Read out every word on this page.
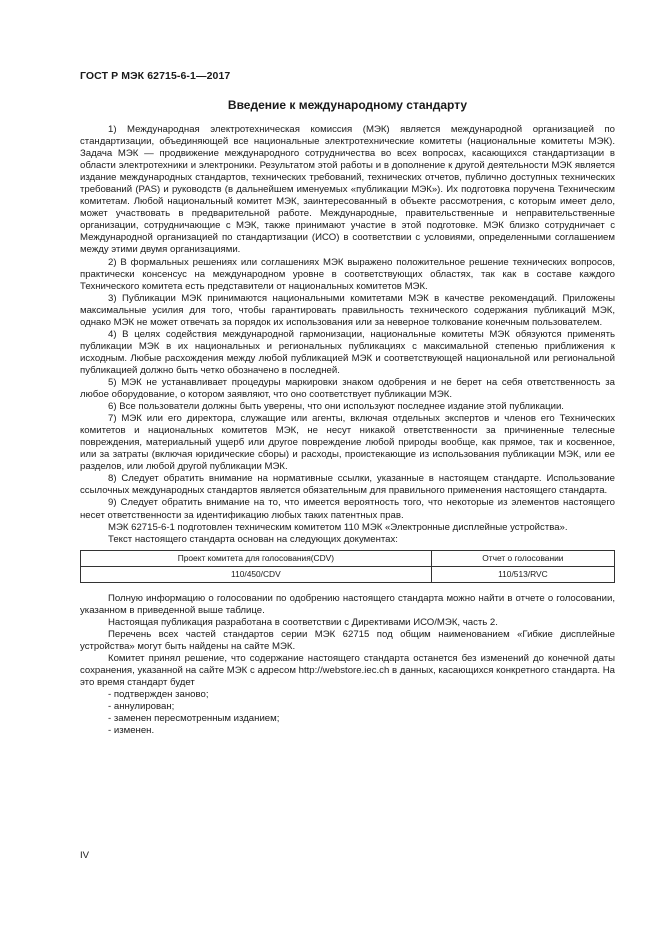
ГОСТ Р МЭК 62715-6-1—2017
Введение к международному стандарту

1) Международная электротехническая комиссия (МЭК) является международной организацией по стандартизации, объединяющей все национальные электротехнические комитеты (национальные комитеты МЭК). Задача МЭК — продвижение международного сотрудничества во всех вопросах, касающихся стандартизации в области электротехники и электроники. Результатом этой работы и в дополнение к другой деятельности МЭК является издание международных стандартов, технических требований, технических отчетов, публично доступных технических требований (PAS) и руководств (в дальнейшем именуемых «публикации МЭК»). Их подготовка поручена Техническим комитетам. Любой национальный комитет МЭК, заинтересованный в объекте рассмотрения, с которым имеет дело, может участвовать в предварительной работе. Международные, правительственные и неправительственные организации, сотрудничающие с МЭК, также принимают участие в этой подготовке. МЭК близко сотрудничает с Международной организацией по стандартизации (ИСО) в соответствии с условиями, определенными соглашением между этими двумя организациями.

2) В формальных решениях или соглашениях МЭК выражено положительное решение технических вопросов, практически консенсус на международном уровне в соответствующих областях, так как в составе каждого Технического комитета есть представители от национальных комитетов МЭК.

3) Публикации МЭК принимаются национальными комитетами МЭК в качестве рекомендаций. Приложены максимальные усилия для того, чтобы гарантировать правильность технического содержания публикаций МЭК, однако МЭК не может отвечать за порядок их использования или за неверное толкование конечным пользователем.

4) В целях содействия международной гармонизации, национальные комитеты МЭК обязуются применять публикации МЭК в их национальных и региональных публикациях с максимальной степенью приближения к исходным. Любые расхождения между любой публикацией МЭК и соответствующей национальной или региональной публикацией должно быть четко обозначено в последней.

5) МЭК не устанавливает процедуры маркировки знаком одобрения и не берет на себя ответственность за любое оборудование, о котором заявляют, что оно соответствует публикации МЭК.

6) Все пользователи должны быть уверены, что они используют последнее издание этой публикации.

7) МЭК или его директора, служащие или агенты, включая отдельных экспертов и членов его Технических комитетов и национальных комитетов МЭК, не несут никакой ответственности за причиненные телесные повреждения, материальный ущерб или другое повреждение любой природы вообще, как прямое, так и косвенное, или за затраты (включая юридические сборы) и расходы, проистекающие из использования публикации МЭК, или ее разделов, или любой другой публикации МЭК.

8) Следует обратить внимание на нормативные ссылки, указанные в настоящем стандарте. Использование ссылочных международных стандартов является обязательным для правильного применения настоящего стандарта.

9) Следует обратить внимание на то, что имеется вероятность того, что некоторые из элементов настоящего несет ответственности за идентификацию любых таких патентных прав.

МЭК 62715-6-1 подготовлен техническим комитетом 110 МЭК «Электронные дисплейные устройства».

Текст настоящего стандарта основан на следующих документах:

Проект комитета для голосования(CDV)	Отчет о голосовании
110/450/CDV	110/513/RVC

Полную информацию о голосовании по одобрению настоящего стандарта можно найти в отчете о голосовании, указанном в приведенной выше таблице.

Настоящая публикация разработана в соответствии с Директивами ИСО/МЭК, часть 2.

Перечень всех частей стандартов серии МЭК 62715 под общим наименованием «Гибкие дисплейные устройства» могут быть найдены на сайте МЭК.

Комитет принял решение, что содержание настоящего стандарта останется без изменений до конечной даты сохранения, указанной на сайте МЭК с адресом http://webstore.iec.ch в данных, касающихся конкретного стандарта. На это время стандарт будет

- подтвержден заново;
- аннулирован;
- заменен пересмотренным изданием;
- изменен.
IV
